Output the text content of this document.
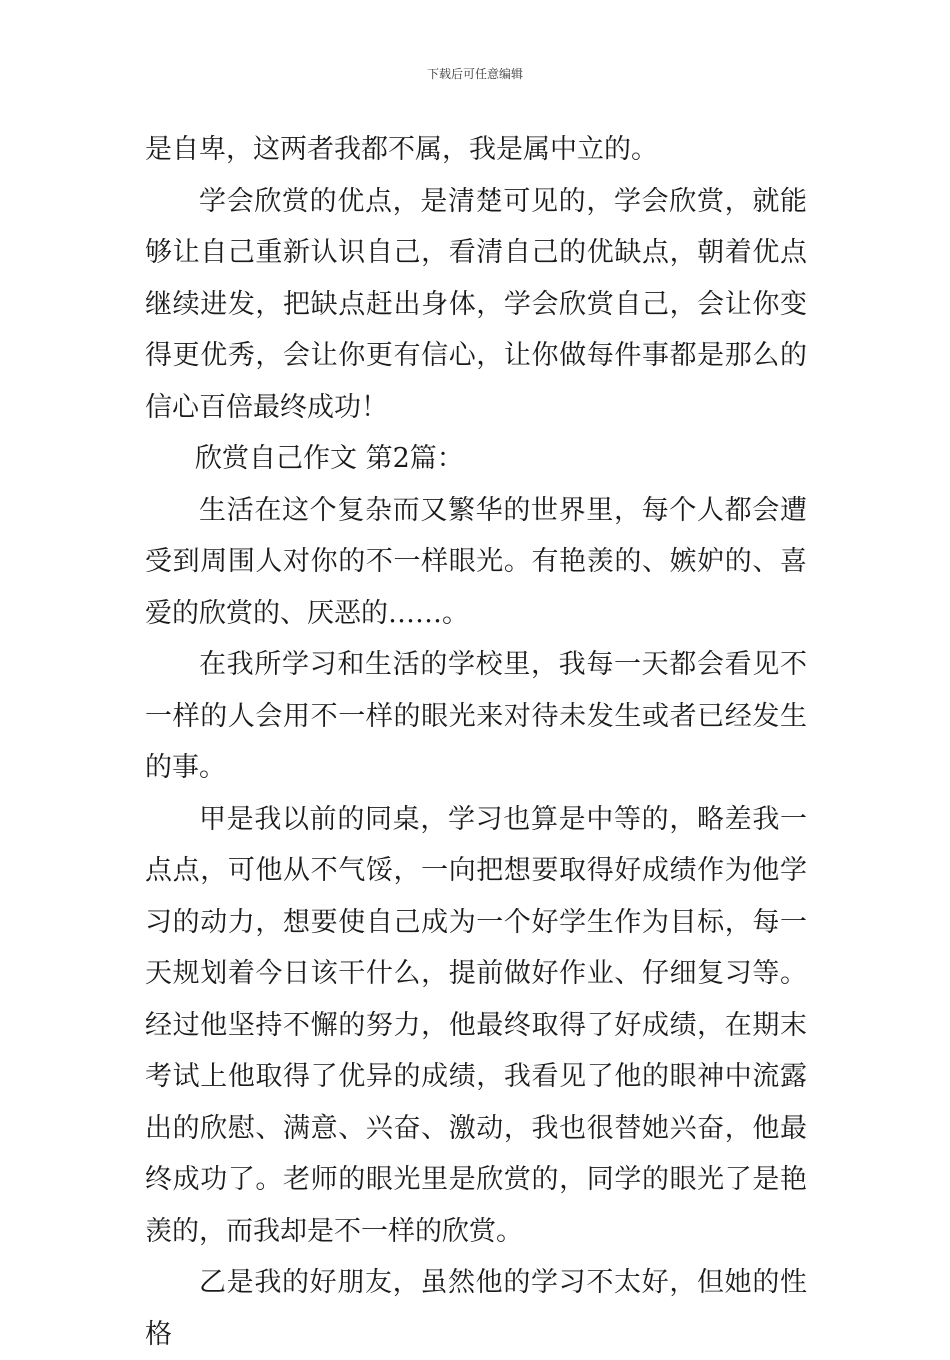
下载后可任意编辑

是自卑，这两者我都不属，我是属中立的。

学会欣赏的优点，是清楚可见的，学会欣赏，就能够让自己重新认识自己，看清自己的优缺点，朝着优点继续进发，把缺点赶出身体，学会欣赏自己，会让你变得更优秀，会让你更有信心，让你做每件事都是那么的信心百倍最终成功！

欣赏自己作文 第2篇：

生活在这个复杂而又繁华的世界里，每个人都会遭受到周围人对你的不一样眼光。有艳羡的、嫉妒的、喜爱的欣赏的、厌恶的……。

在我所学习和生活的学校里，我每一天都会看见不一样的人会用不一样的眼光来对待未发生或者已经发生的事。

甲是我以前的同桌，学习也算是中等的，略差我一点点，可他从不气馁，一向把想要取得好成绩作为他学习的动力，想要使自己成为一个好学生作为目标，每一天规划着今日该干什么，提前做好作业、仔细复习等。经过他坚持不懈的努力，他最终取得了好成绩，在期末考试上他取得了优异的成绩，我看见了他的眼神中流露出的欣慰、满意、兴奋、激动，我也很替她兴奋，他最终成功了。老师的眼光里是欣赏的，同学的眼光了是艳羡的，而我却是不一样的欣赏。

乙是我的好朋友，虽然他的学习不太好，但她的性格
